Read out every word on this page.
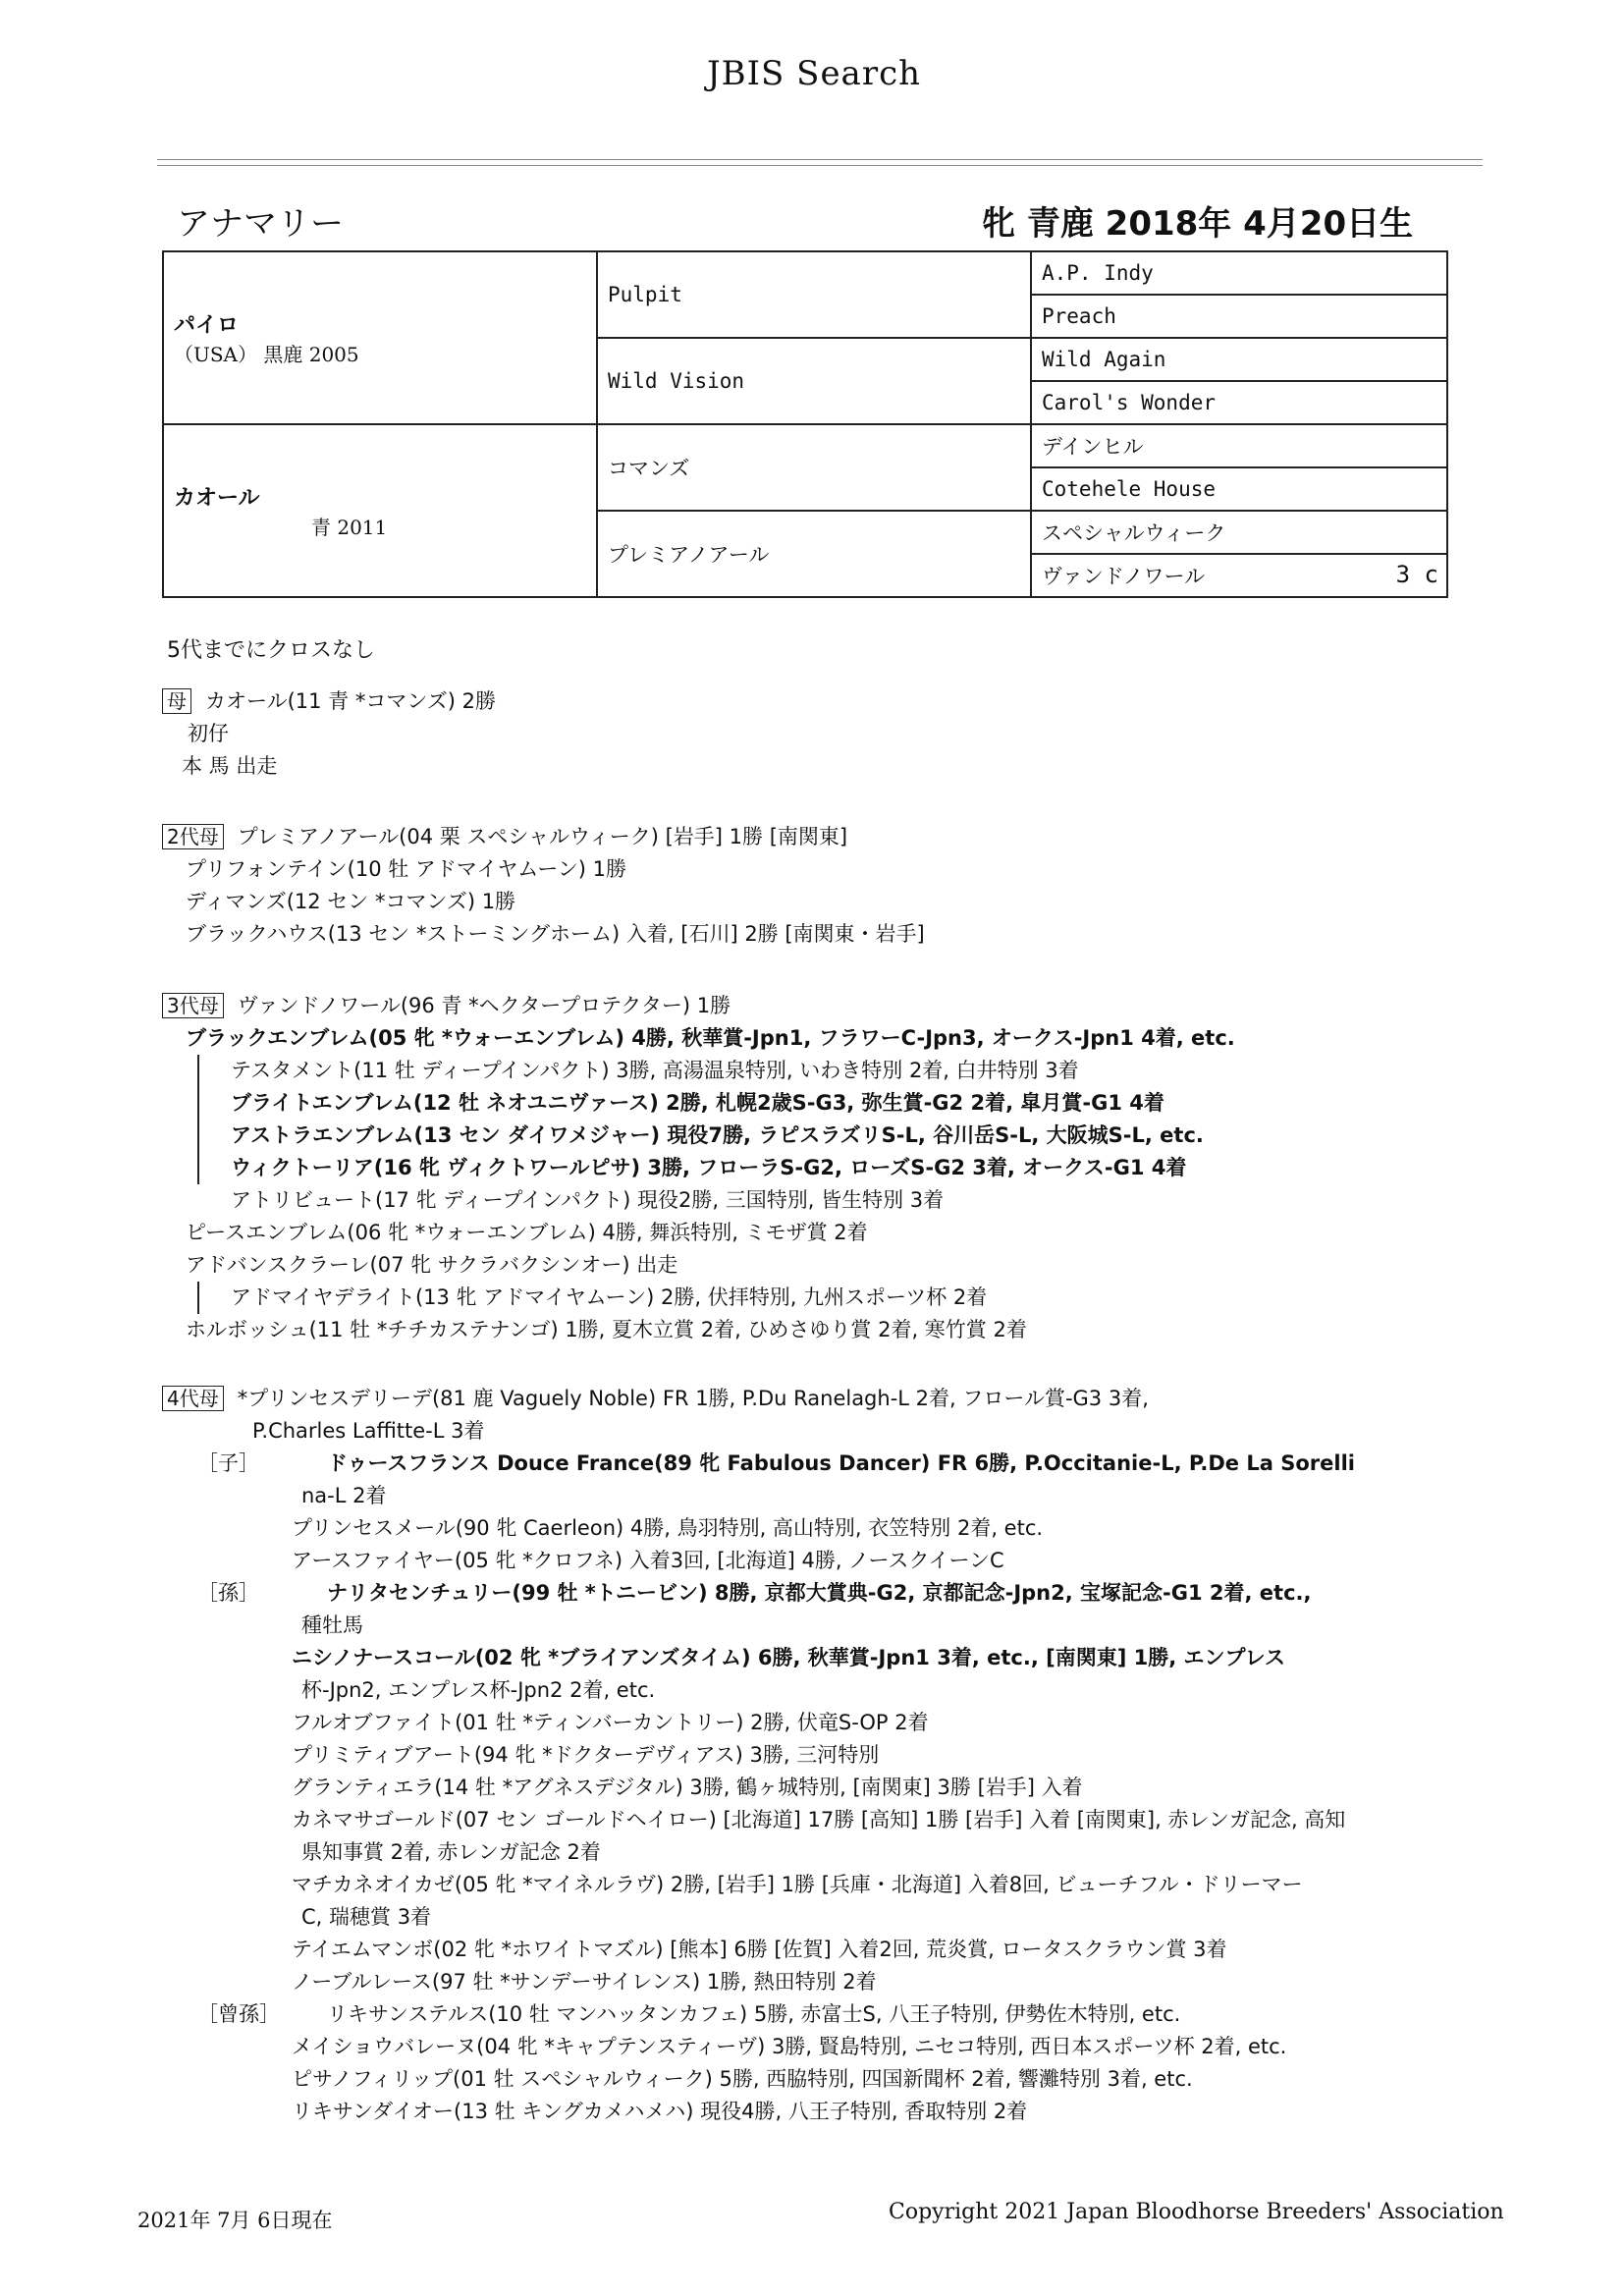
JBIS Search
アナマリー	牝 青鹿 2018年 4月20日生
パイロ
（USA） 黒鹿 2005	Pulpit	A.P. Indy
		Preach
	Wild Vision	Wild Again
		Carol's Wonder

カオール
青 2011	コマンズ	デインヒル
		Cotehele House
	プレミアノアール	スペシャルウィーク
		ヴァンドノワール 3 c
5代までにクロスなし
母 カオール(11 青 *コマンズ) 2勝
初仔
本 馬 出走
2代母 プレミアノアール(04 栗 スペシャルウィーク) [岩手] 1勝 [南関東]
プリフォンテイン(10 牡 アドマイヤムーン) 1勝
ディマンズ(12 セン *コマンズ) 1勝
ブラックハウス(13 セン *ストーミングホーム) 入着, [石川] 2勝 [南関東・岩手]
3代母 ヴァンドノワール(96 青 *ヘクタープロテクター) 1勝
ブラックエンブレム(05 牝 *ウォーエンブレム) 4勝, 秋華賞-Jpn1, フラワーC-Jpn3, オークス-Jpn1 4着, etc.
テスタメント(11 牡 ディープインパクト) 3勝, 高湯温泉特別, いわき特別 2着, 白井特別 3着
ブライトエンブレム(12 牡 ネオユニヴァース) 2勝, 札幌2歳S-G3, 弥生賞-G2 2着, 皐月賞-G1 4着
アストラエンブレム(13 セン ダイワメジャー) 現役7勝, ラピスラズリS-L, 谷川岳S-L, 大阪城S-L, etc.
ウィクトーリア(16 牝 ヴィクトワールピサ) 3勝, フローラS-G2, ローズS-G2 3着, オークス-G1 4着
アトリビュート(17 牝 ディープインパクト) 現役2勝, 三国特別, 皆生特別 3着
ピースエンブレム(06 牝 *ウォーエンブレム) 4勝, 舞浜特別, ミモザ賞 2着
アドバンスクラーレ(07 牝 サクラバクシンオー) 出走
アドマイヤデライト(13 牝 アドマイヤムーン) 2勝, 伏拝特別, 九州スポーツ杯 2着
ホルボッシュ(11 牡 *チチカステナンゴ) 1勝, 夏木立賞 2着, ひめさゆり賞 2着, 寒竹賞 2着
4代母 *プリンセスデリーデ(81 鹿 Vaguely Noble) FR 1勝, P.Du Ranelagh-L 2着, フロール賞-G3 3着,
P.Charles Laffitte-L 3着
［子］	ドゥースフランス Douce France(89 牝 Fabulous Dancer) FR 6勝, P.Occitanie-L, P.De La Sorelli
na-L 2着
プリンセスメール(90 牝 Caerleon) 4勝, 鳥羽特別, 高山特別, 衣笠特別 2着, etc.
アースファイヤー(05 牝 *クロフネ) 入着3回, [北海道] 4勝, ノースクイーンC
［孫］	ナリタセンチュリー(99 牡 *トニービン) 8勝, 京都大賞典-G2, 京都記念-Jpn2, 宝塚記念-G1 2着, etc.,
種牡馬
ニシノナースコール(02 牝 *ブライアンズタイム) 6勝, 秋華賞-Jpn1 3着, etc., [南関東] 1勝, エンプレス
杯-Jpn2, エンプレス杯-Jpn2 2着, etc.
フルオブファイト(01 牡 *ティンバーカントリー) 2勝, 伏竜S-OP 2着
プリミティブアート(94 牝 *ドクターデヴィアス) 3勝, 三河特別
グランティエラ(14 牡 *アグネスデジタル) 3勝, 鶴ヶ城特別, [南関東] 3勝 [岩手] 入着
カネマサゴールド(07 セン ゴールドヘイロー) [北海道] 17勝 [高知] 1勝 [岩手] 入着 [南関東], 赤レンガ記念, 高知
県知事賞 2着, 赤レンガ記念 2着
マチカネオイカゼ(05 牝 *マイネルラヴ) 2勝, [岩手] 1勝 [兵庫・北海道] 入着8回, ビューチフル・ドリーマー
C, 瑞穂賞 3着
テイエムマンボ(02 牝 *ホワイトマズル) [熊本] 6勝 [佐賀] 入着2回, 荒炎賞, ロータスクラウン賞 3着
ノーブルレース(97 牡 *サンデーサイレンス) 1勝, 熱田特別 2着
［曾孫］ リキサンステルス(10 牡 マンハッタンカフェ) 5勝, 赤富士S, 八王子特別, 伊勢佐木特別, etc.
メイショウバレーヌ(04 牝 *キャプテンスティーヴ) 3勝, 賢島特別, ニセコ特別, 西日本スポーツ杯 2着, etc.
ピサノフィリップ(01 牡 スペシャルウィーク) 5勝, 西脇特別, 四国新聞杯 2着, 響灘特別 3着, etc.
リキサンダイオー(13 牡 キングカメハメハ) 現役4勝, 八王子特別, 香取特別 2着
2021年 7月 6日現在	Copyright 2021 Japan Bloodhorse Breeders' Association
